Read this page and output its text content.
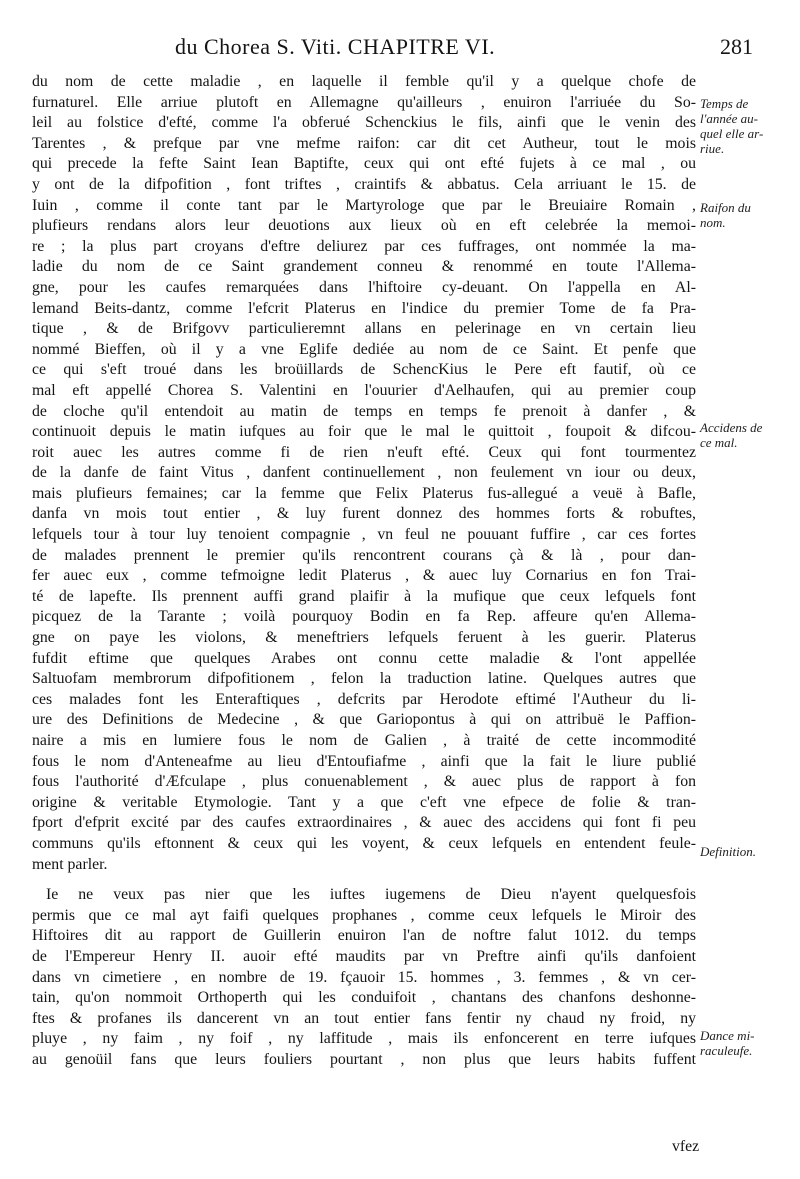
du Chorea S. Viti. CHAPITRE VI.	281
du nom de cette maladie , en laquelle il femble qu'il y a quelque chofe de
furnaturel. Elle arriue plutoft en Allemagne qu'ailleurs , enuiron l'arriuée du So-
leil au folstice d'efté, comme l'a obferué Schenckius le fils, ainfi que le venin des
Tarentes , & prefque par vne mefme raifon: car dit cet Autheur, tout le mois
qui precede la fefte Saint Iean Baptifte, ceux qui ont efté fujets à ce mal , ou
y ont de la difpofition , font triftes , craintifs & abbatus. Cela arriuant le 15. de
Iuin , comme il conte tant par le Martyrologe que par le Breuiaire Romain ,
plufieurs rendans alors leur deuotions aux lieux où en eft celebrée la memoi-
re ; la plus part croyans d'eftre deliurez par ces fuffrages, ont nommée la ma-
ladie du nom de ce Saint grandement conneu & renommé en toute l'Allema-
gne, pour les caufes remarquées dans l'hiftoire cy-deuant. On l'appella en Al-
lemand Beits-dantz, comme l'efcrit Platerus en l'indice du premier Tome de fa Pra-
tique , & de Brifgovv particulieremnt allans en pelerinage en vn certain lieu
nommé Bieffen, où il y a vne Eglife dediée au nom de ce Saint. Et penfe que
ce qui s'eft troué dans les broüillards de SchencKius le Pere eft fautif, où ce
mal eft appellé Chorea S. Valentini en l'ouurier d'Aelhaufen, qui au premier coup
de cloche qu'il entendoit au matin de temps en temps fe prenoit à danfer , &
continuoit depuis le matin iufques au foir que le mal le quittoit , foupoit & difcou-
roit auec les autres comme fi de rien n'euft efté. Ceux qui font tourmentez
de la danfe de faint Vitus , danfent continuellement , non feulement vn iour ou deux,
mais plufieurs femaines; car la femme que Felix Platerus fus-allegué a veuë à Bafle,
danfa vn mois tout entier , & luy furent donnez des hommes forts & robuftes,
lefquels tour à tour luy tenoient compagnie , vn feul ne pouuant fuffire , car ces fortes
de malades prennent le premier qu'ils rencontrent courans çà & là , pour dan-
fer auec eux , comme tefmoigne ledit Platerus , & auec luy Cornarius en fon Trai-
té de lapefte. Ils prennent auffi grand plaifir à la mufique que ceux lefquels font
picquez de la Tarante ; voilà pourquoy Bodin en fa Rep. affeure qu'en Allema-
gne on paye les violons, & meneftriers lefquels feruent à les guerir. Platerus
fufdit eftime que quelques Arabes ont connu cette maladie & l'ont appellée
Saltuofam membrorum difpofitionem , felon la traduction latine. Quelques autres que
ces malades font les Enteraftiques , defcrits par Herodote eftimé l'Autheur du li-
ure des Definitions de Medecine , & que Gariopontus à qui on attribuë le Paffion-
naire a mis en lumiere fous le nom de Galien , à traité de cette incommodité
fous le nom d'Anteneafme au lieu d'Entoufiafme , ainfi que la fait le liure publié
fous l'authorité d'Æfculape , plus conuenablement , & auec plus de rapport à fon
origine & veritable Etymologie. Tant y a que c'eft vne efpece de folie & tran-
fport d'efprit excité par des caufes extraordinaires , & auec des accidens qui font fi peu
communs qu'ils eftonnent & ceux qui les voyent, & ceux lefquels en entendent feule-
ment parler.
Ie ne veux pas nier que les iuftes iugemens de Dieu n'ayent quelquesfois
permis que ce mal ayt faifi quelques prophanes , comme ceux lefquels le Miroir des
Hiftoires dit au rapport de Guillerin enuiron l'an de noftre falut 1012. du temps
de l'Empereur Henry II. auoir efté maudits par vn Preftre ainfi qu'ils danfoient
dans vn cimetiere , en nombre de 19. fçauoir 15. hommes , 3. femmes , & vn cer-
tain, qu'on nommoit Orthoperth qui les conduifoit , chantans des chanfons deshonne-
ftes & profanes ils dancerent vn an tout entier fans fentir ny chaud ny froid, ny
pluye , ny faim , ny foif , ny laffitude , mais ils enfoncerent en terre iufques
au genoüil fans que leurs fouliers pourtant , non plus que leurs habits fuffent
Temps de
l'année au-
quel elle ar-
riue.
Raifon du
nom.
Accidens de
ce mal.
Definition.
Dance mi-
raculeufe.
vfez
